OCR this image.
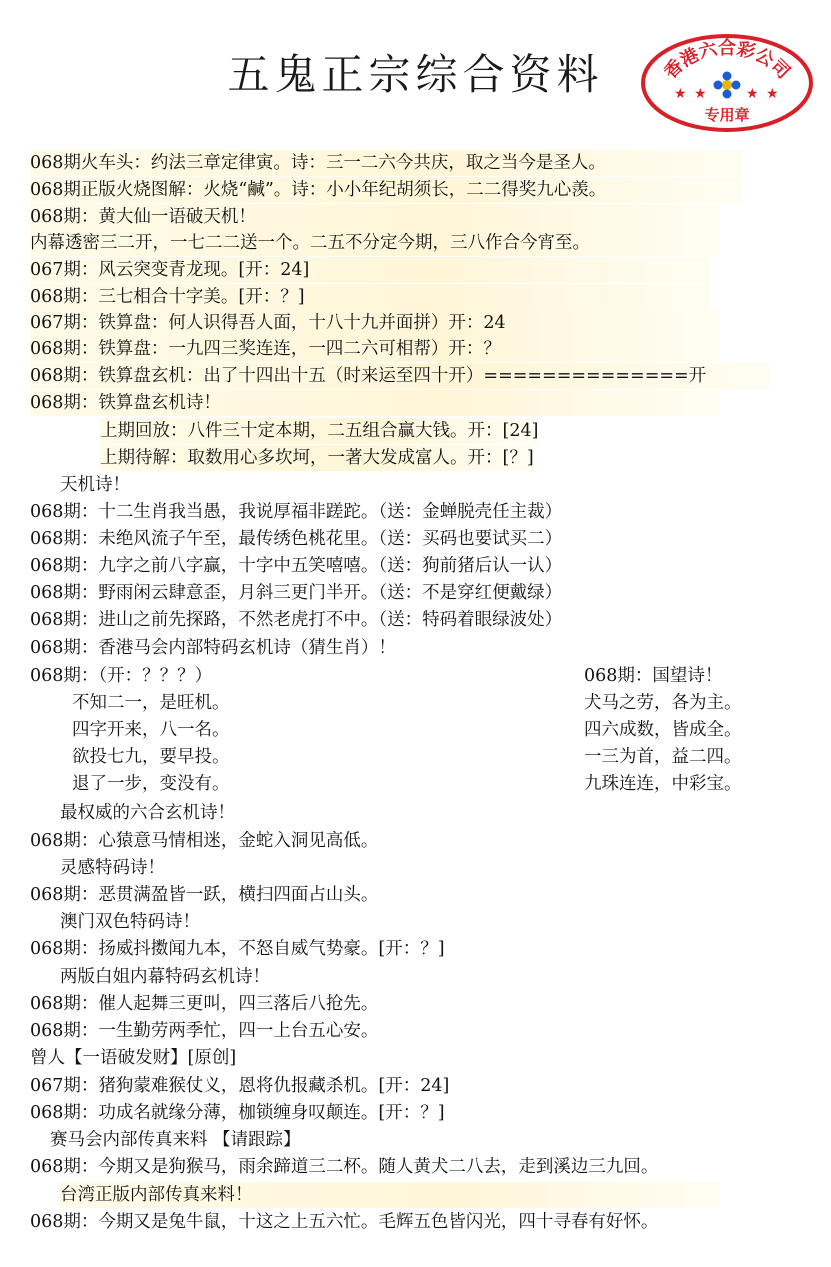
五鬼正宗综合资料	香港六合彩公司
★ ★	★ ★
专用章
068期火车头：约法三章定律寅。诗：三一二六今共庆，取之当今是圣人。
068期正版火烧图解：火烧“鹹”。诗：小小年纪胡须长，二二得奖九心羡。
068期：黄大仙一语破天机！
内幕透密三二开，一七二二送一个。二五不分定今期，三八作合今宵至。
067期：风云突变青龙现。[开：24]
068期：三七相合十字美。[开：？]
067期：铁算盘：何人识得吾人面，十八十九并面拼）开：24
068期：铁算盘：一九四三奖连连，一四二六可相帮）开：？
068期：铁算盘玄机：出了十四出十五（时来运至四十开）==============开
068期：铁算盘玄机诗！
上期回放：八件三十定本期，二五组合赢大钱。开：[24]
上期待解：取数用心多坎坷，一著大发成富人。开：[？]
天机诗！
068期：十二生肖我当愚，我说厚福非蹉跎。（送：金蝉脱壳任主裁）
068期：未绝风流子午至，最传绣色桃花里。（送：买码也要试买二）
068期：九字之前八字赢，十字中五笑嘻嘻。（送：狗前猪后认一认）
068期：野雨闲云肆意歪，月斜三更门半开。（送：不是穿红便戴绿）
068期：进山之前先探路，不然老虎打不中。（送：特码着眼绿波处）
068期：香港马会内部特码玄机诗（猜生肖）！
068期：（开：？？？）
不知二一，是旺机。
四字开来，八一名。
欲投七九，要早投。
退了一步，变没有。
068期：国望诗！
犬马之劳，各为主。
四六成数，皆成全。
一三为首，益二四。
九珠连连，中彩宝。
最权威的六合玄机诗！
068期：心猿意马情相迷，金蛇入洞见高低。
灵感特码诗！
068期：恶贯满盈皆一跃，横扫四面占山头。
澳门双色特码诗！
068期：扬威抖擞闻九本，不怒自威气势豪。[开：？]
两版白姐内幕特码玄机诗！
068期：催人起舞三更叫，四三落后八抢先。
068期：一生勤劳两季忙，四一上台五心安。
曾人【一语破发财】[原创]
067期：猪狗蒙难猴仗义，恩将仇报藏杀机。[开：24]
068期：功成名就缘分薄，枷锁缠身叹颠连。[开：？]
赛马会内部传真来料 【请跟踪】
068期：今期又是狗猴马，雨余蹄道三二杯。随人黄犬二八去，走到溪边三九回。
台湾正版内部传真来料！
068期：今期又是兔牛鼠，十这之上五六忙。毛辉五色皆闪光，四十寻春有好怀。
